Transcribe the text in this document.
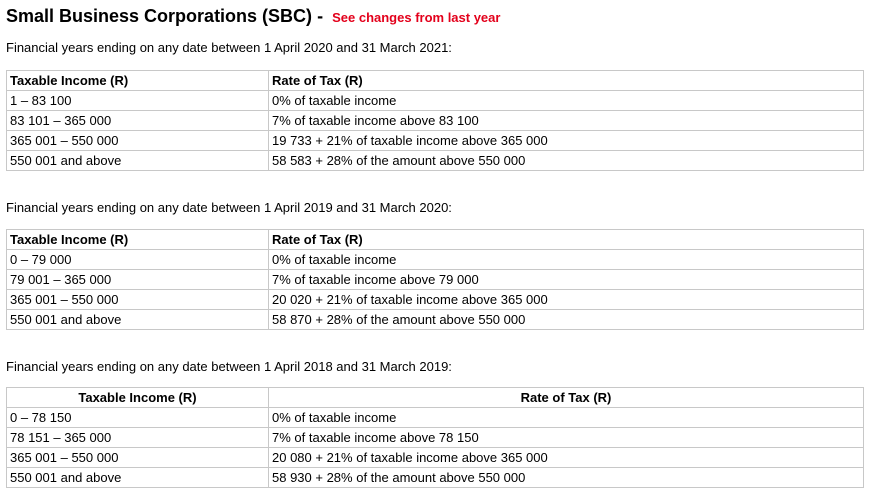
Small Business Corporations (SBC) - See changes from last year

Financial years ending on any date between 1 April 2020 and 31 March 2021:

Taxable Income (R)	Rate of Tax (R)
1 – 83 100	0% of taxable income
83 101 – 365 000	7% of taxable income above 83 100
365 001 – 550 000	19 733 + 21% of taxable income above 365 000
550 001 and above	58 583 + 28% of the amount above 550 000

Financial years ending on any date between 1 April 2019 and 31 March 2020:

Taxable Income (R)	Rate of Tax (R)
0 – 79 000	0% of taxable income
79 001 – 365 000	7% of taxable income above 79 000
365 001 – 550 000	20 020 + 21% of taxable income above 365 000
550 001 and above	58 870 + 28% of the amount above 550 000

Financial years ending on any date between 1 April 2018 and 31 March 2019:

Taxable Income (R)	Rate of Tax (R)
0 – 78 150	0% of taxable income
78 151 – 365 000	7% of taxable income above 78 150
365 001 – 550 000	20 080 + 21% of taxable income above 365 000
550 001 and above	58 930 + 28% of the amount above 550 000
